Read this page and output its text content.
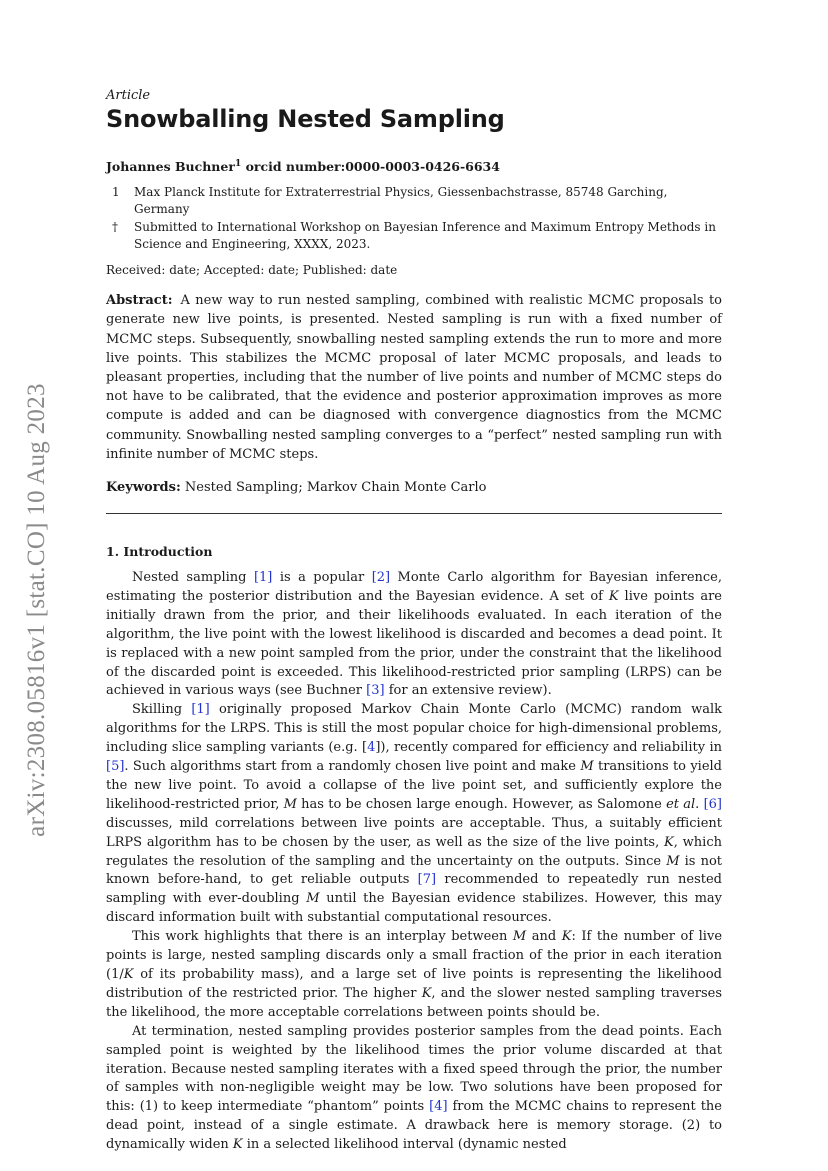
arXiv:2308.05816v1 [stat.CO] 10 Aug 2023
Article
Snowballing Nested Sampling
Johannes Buchner$^1$ orcid number:0000-0003-0426-6634
1	Max Planck Institute for Extraterrestrial Physics, Giessenbachstrasse, 85748 Garching, Germany
†	Submitted to International Workshop on Bayesian Inference and Maximum Entropy Methods in Science and Engineering, XXXX, 2023.
Received: date; Accepted: date; Published: date

Abstract: A new way to run nested sampling, combined with realistic MCMC proposals to generate new live points, is presented. Nested sampling is run with a fixed number of MCMC steps. Subsequently, snowballing nested sampling extends the run to more and more live points. This stabilizes the MCMC proposal of later MCMC proposals, and leads to pleasant properties, including that the number of live points and number of MCMC steps do not have to be calibrated, that the evidence and posterior approximation improves as more compute is added and can be diagnosed with convergence diagnostics from the MCMC community. Snowballing nested sampling converges to a “perfect” nested sampling run with infinite number of MCMC steps.

Keywords: Nested Sampling; Markov Chain Monte Carlo
1. Introduction

Nested sampling [1] is a popular [2] Monte Carlo algorithm for Bayesian inference, estimating the posterior distribution and the Bayesian evidence. A set of K live points are initially drawn from the prior, and their likelihoods evaluated. In each iteration of the algorithm, the live point with the lowest likelihood is discarded and becomes a dead point. It is replaced with a new point sampled from the prior, under the constraint that the likelihood of the discarded point is exceeded. This likelihood-restricted prior sampling (LRPS) can be achieved in various ways (see Buchner [3] for an extensive review).

Skilling [1] originally proposed Markov Chain Monte Carlo (MCMC) random walk algorithms for the LRPS. This is still the most popular choice for high-dimensional problems, including slice sampling variants (e.g. [4]), recently compared for efficiency and reliability in [5]. Such algorithms start from a randomly chosen live point and make M transitions to yield the new live point. To avoid a collapse of the live point set, and sufficiently explore the likelihood-restricted prior, M has to be chosen large enough. However, as Salomone et al. [6] discusses, mild correlations between live points are acceptable. Thus, a suitably efficient LRPS algorithm has to be chosen by the user, as well as the size of the live points, K, which regulates the resolution of the sampling and the uncertainty on the outputs. Since M is not known before-hand, to get reliable outputs [7] recommended to repeatedly run nested sampling with ever-doubling M until the Bayesian evidence stabilizes. However, this may discard information built with substantial computational resources.

This work highlights that there is an interplay between M and K: If the number of live points is large, nested sampling discards only a small fraction of the prior in each iteration (1/K of its probability mass), and a large set of live points is representing the likelihood distribution of the restricted prior. The higher K, and the slower nested sampling traverses the likelihood, the more acceptable correlations between points should be.

At termination, nested sampling provides posterior samples from the dead points. Each sampled point is weighted by the likelihood times the prior volume discarded at that iteration. Because nested sampling iterates with a fixed speed through the prior, the number of samples with non-negligible weight may be low. Two solutions have been proposed for this: (1) to keep intermediate “phantom” points [4] from the MCMC chains to represent the dead point, instead of a single estimate. A drawback here is memory storage. (2) to dynamically widen K in a selected likelihood interval (dynamic nested
